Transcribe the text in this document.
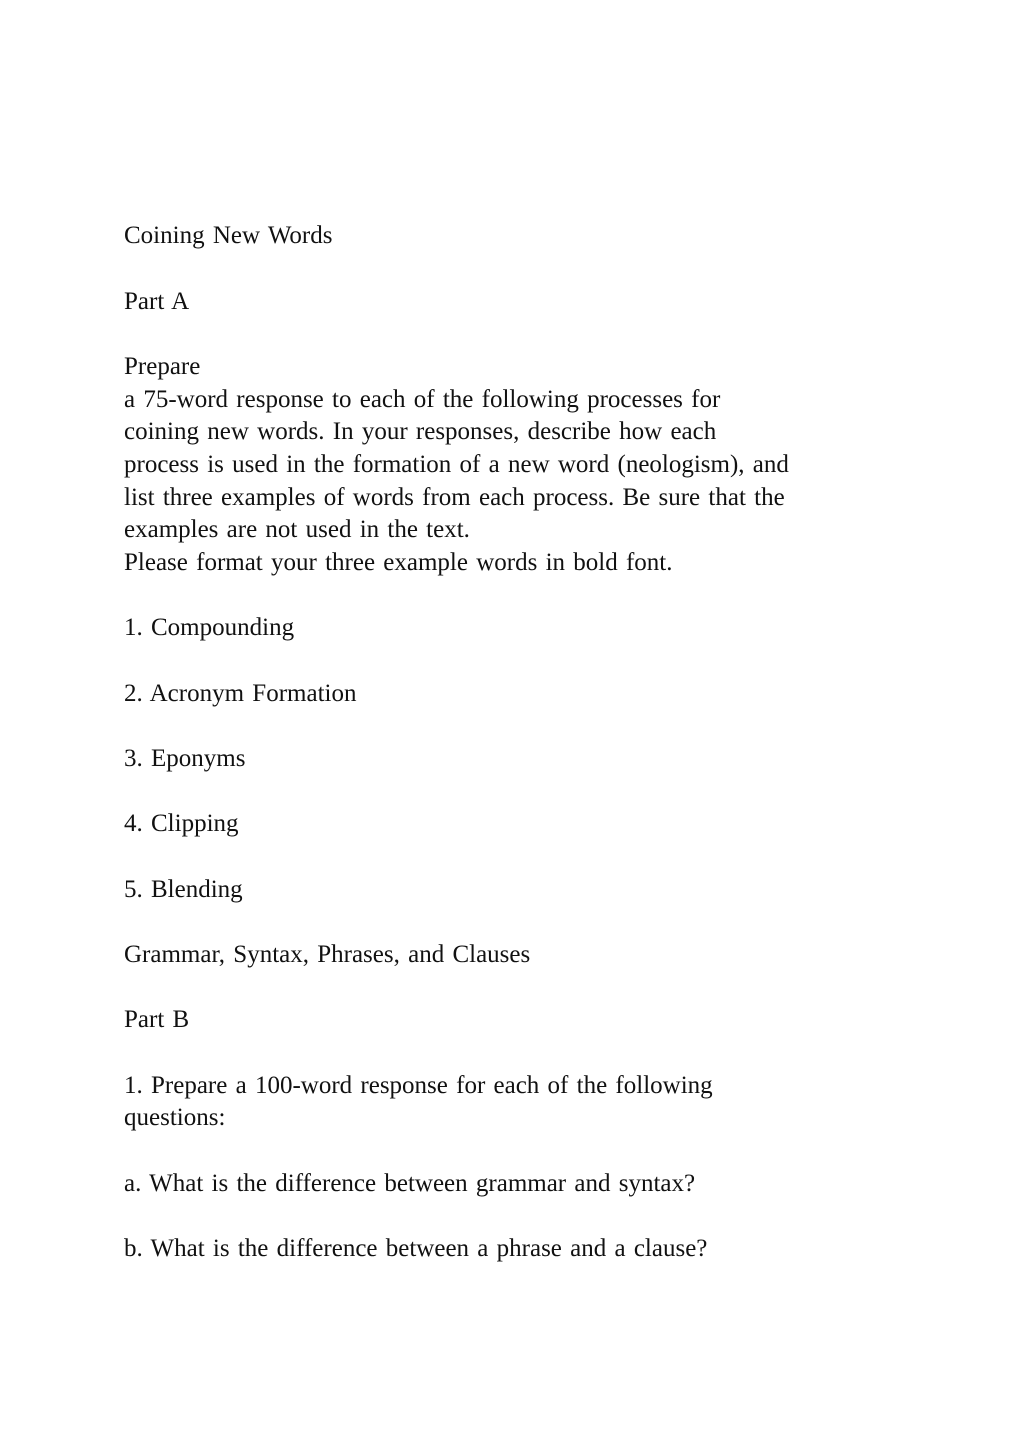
Coining New Words

Part A

Prepare

a 75-word response to each of the following processes for

coining new words. In your responses, describe how each

process is used in the formation of a new word (neologism), and

list three examples of words from each process. Be sure that the

examples are not used in the text.

Please format your three example words in bold font.

1. Compounding

2. Acronym Formation

3. Eponyms

4. Clipping

5. Blending

Grammar, Syntax, Phrases, and Clauses

Part B

1. Prepare a 100-word response for each of the following

questions:

a. What is the difference between grammar and syntax?

b. What is the difference between a phrase and a clause?
